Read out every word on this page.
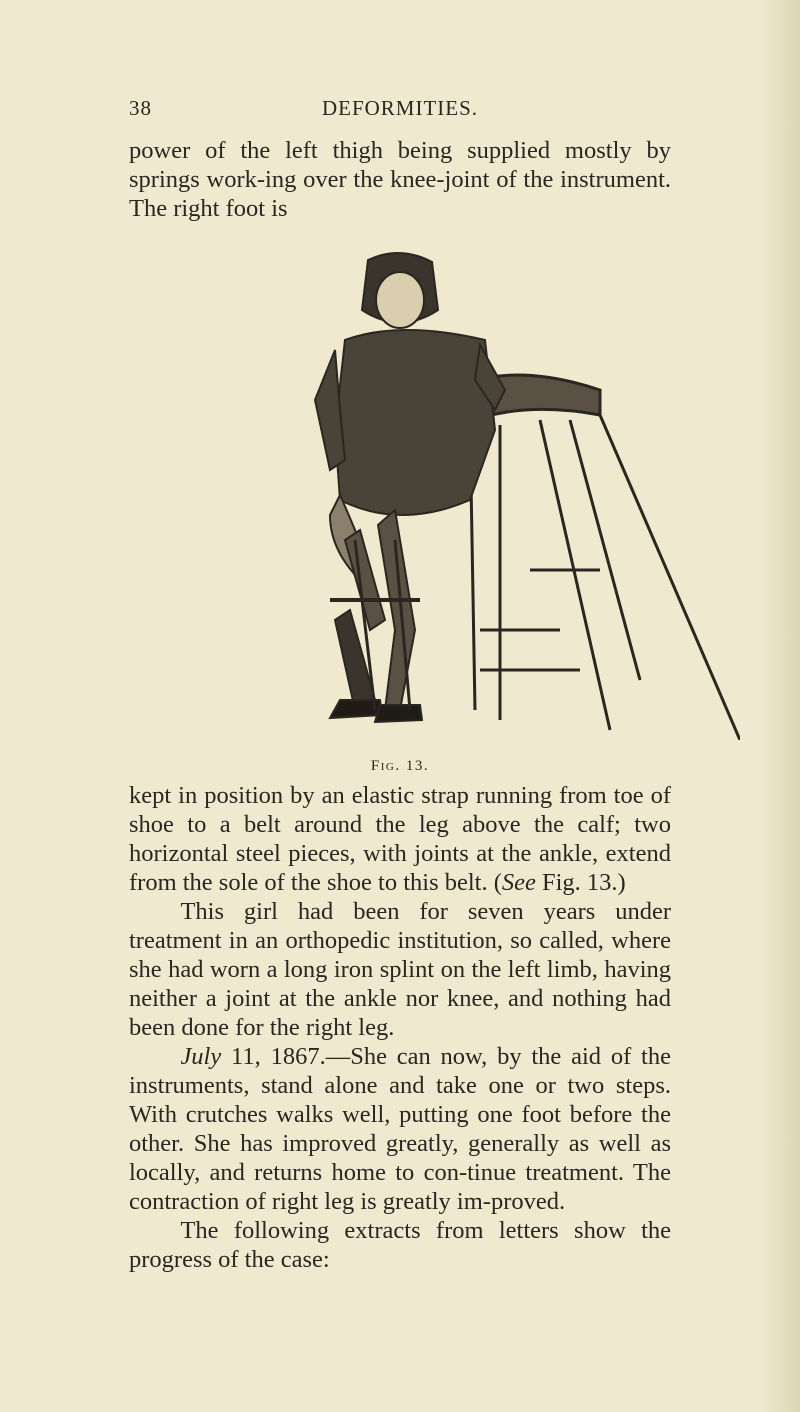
38	DEFORMITIES.

power of the left thigh being supplied mostly by springs work-ing over the knee-joint of the instrument. The right foot is

Fig. 13.

kept in position by an elastic strap running from toe of shoe to a belt around the leg above the calf; two horizontal steel pieces, with joints at the ankle, extend from the sole of the shoe to this belt. (See Fig. 13.)

This girl had been for seven years under treatment in an orthopedic institution, so called, where she had worn a long iron splint on the left limb, having neither a joint at the ankle nor knee, and nothing had been done for the right leg.

July 11, 1867.—She can now, by the aid of the instruments, stand alone and take one or two steps. With crutches walks well, putting one foot before the other. She has improved greatly, generally as well as locally, and returns home to con-tinue treatment. The contraction of right leg is greatly im-proved.

The following extracts from letters show the progress of the case:
